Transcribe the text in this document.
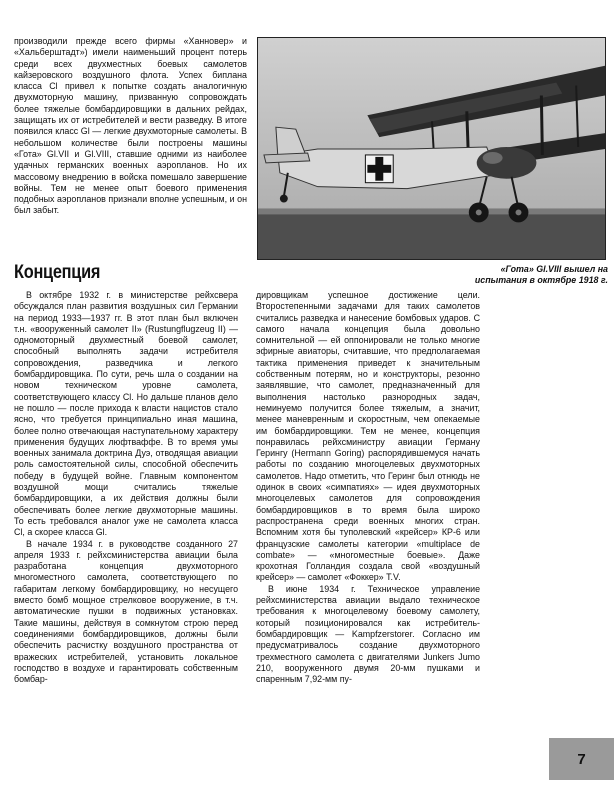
производили прежде всего фирмы «Ханновер» и «Хальберштадт») имели наименьший процент потерь среди всех двухместных боевых самолетов кайзеровского воздушного флота. Успех биплана класса Cl привел к попытке создать аналогичную двухмоторную машину, призванную сопровождать более тяжелые бомбардировщики в дальних рейдах, защищать их от истребителей и вести разведку. В итоге появился класс Gl — легкие двухмоторные самолеты. В небольшом количестве были построены машины «Гота» Gl.VII и Gl.VIII, ставшие одними из наиболее удачных германских военных аэропланов. Но их массовому внедрению в войска помешало завершение войны. Тем не менее опыт боевого применения подобных аэропланов признали вполне успешным, и он был забыт.
«Гота» Gl.VIII вышел на испытания в октябре 1918 г.
Концепция

В октябре 1932 г. в министерстве рейхсвера обсуждался план развития воздушных сил Германии на период 1933—1937 гг. В этот план был включен т.н. «вооруженный самолет II» (Rustungflugzeug II) — одномоторный двухместный боевой самолет, способный выполнять задачи истребителя сопровождения, разведчика и легкого бомбардировщика. По сути, речь шла о создании на новом техническом уровне самолета, соответствующего классу Cl. Но дальше планов дело не пошло — после прихода к власти нацистов стало ясно, что требуется принципиально иная машина, более полно отвечающая наступательному характеру применения будущих люфтваффе. В то время умы военных занимала доктрина Дуэ, отводящая авиации роль самостоятельной силы, способной обеспечить победу в будущей войне. Главным компонентом воздушной мощи считались тяжелые бомбардировщики, а их действия должны были обеспечивать более легкие двухмоторные машины. То есть требовался аналог уже не самолета класса Cl, а скорее класса Gl.

В начале 1934 г. в руководстве созданного 27 апреля 1933 г. рейхсминистерства авиации была разработана концепция двухмоторного многоместного самолета, соответствующего по габаритам легкому бомбардировщику, но несущего вместо бомб мощное стрелковое вооружение, в т.ч. автоматические пушки в подвижных установках. Такие машины, действуя в сомкнутом строю перед соединениями бомбардировщиков, должны были обеспечить расчистку воздушного пространства от вражеских истребителей, установить локальное господство в воздухе и гарантировать собственным бомбар-

дировщикам успешное достижение цели. Второстепенными задачами для таких самолетов считались разведка и нанесение бомбовых ударов. С самого начала концепция была довольно сомнительной — ей оппонировали не только многие эфирные авиаторы, считавшие, что предполагаемая тактика применения приведет к значительным собственным потерям, но и конструкторы, резонно заявлявшие, что самолет, предназначенный для выполнения настолько разнородных задач, неминуемо получится более тяжелым, а значит, менее маневренным и скоростным, чем опекаемые им бомбардировщики. Тем не менее, концепция понравилась рейхсминистру авиации Герману Герингу (Hermann Goring) распорядившемуся начать работы по созданию многоцелевых двухмоторных самолетов. Надо отметить, что Геринг был отнюдь не одинок в своих «симпатиях» — идея двухмоторных многоцелевых самолетов для сопровождения бомбардировщиков в то время была широко распространена среди военных многих стран. Вспомним хотя бы туполевский «крейсер» КР-6 или французские самолеты категории «multiplace de combate» — «многоместные боевые». Даже крохотная Голландия создала свой «воздушный крейсер» — самолет «Фоккер» T.V.

В июне 1934 г. Техническое управление рейхсминистерства авиации выдало техническое требования к многоцелевому боевому самолету, который позиционировался как истребитель-бомбардировщик — Kampfzerstorer. Согласно им предусматривалось создание двухмоторного трехместного самолета с двигателями Junkers Jumo 210, вооруженного двумя 20-мм пушками и спаренным 7,92-мм пу-

7
